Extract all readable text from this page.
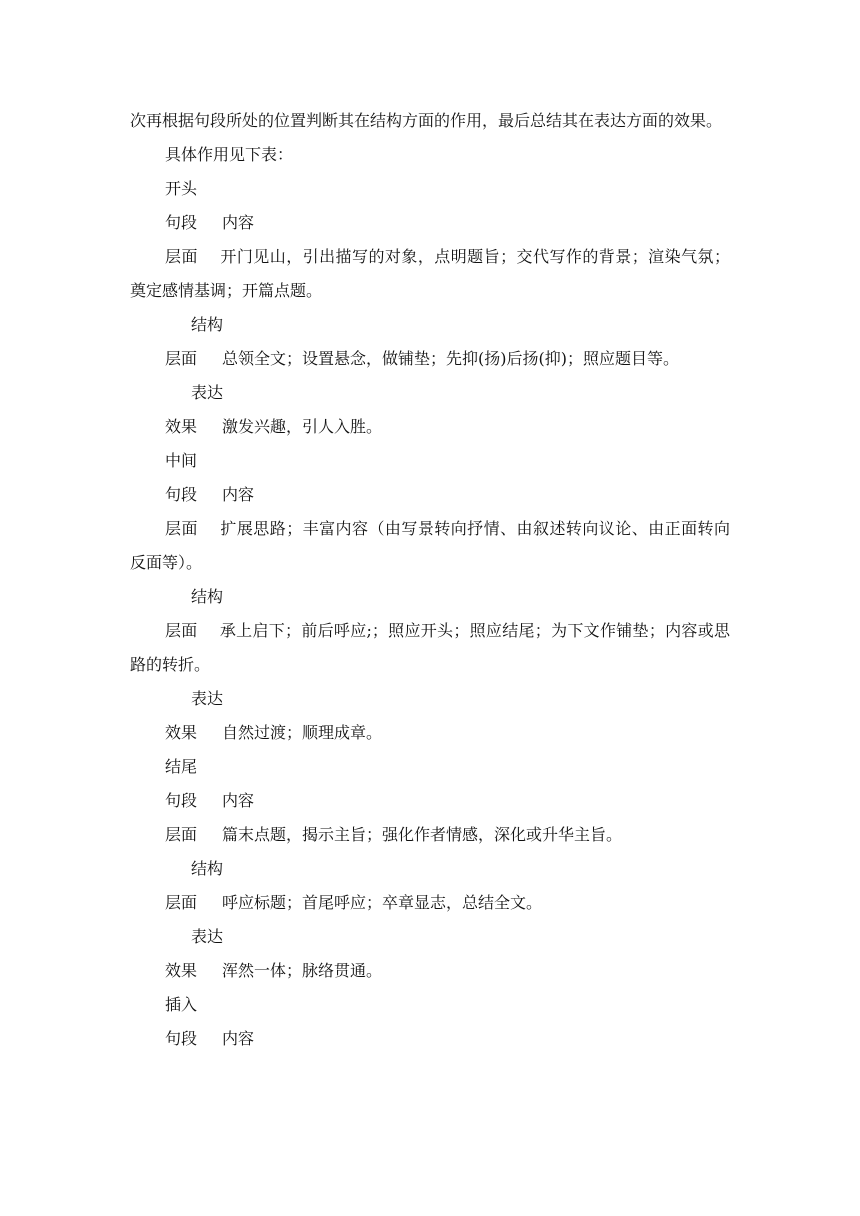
次再根据句段所处的位置判断其在结构方面的作用，最后总结其在表达方面的效果。
具体作用见下表：
开头
句段 内容
层面 开门见山，引出描写的对象，点明题旨；交代写作的背景；渲染气氛；奠定感情基调；开篇点题。
结构
层面 总领全文；设置悬念，做铺垫；先抑(扬)后扬(抑)；照应题目等。
表达
效果 激发兴趣，引人入胜。
中间
句段 内容
层面 扩展思路；丰富内容（由写景转向抒情、由叙述转向议论、由正面转向反面等）。
结构
层面 承上启下；前后呼应;；照应开头；照应结尾；为下文作铺垫；内容或思路的转折。
表达
效果 自然过渡；顺理成章。
结尾
句段 内容
层面 篇末点题，揭示主旨；强化作者情感，深化或升华主旨。
结构
层面 呼应标题；首尾呼应；卒章显志，总结全文。
表达
效果 浑然一体；脉络贯通。
插入
句段 内容
